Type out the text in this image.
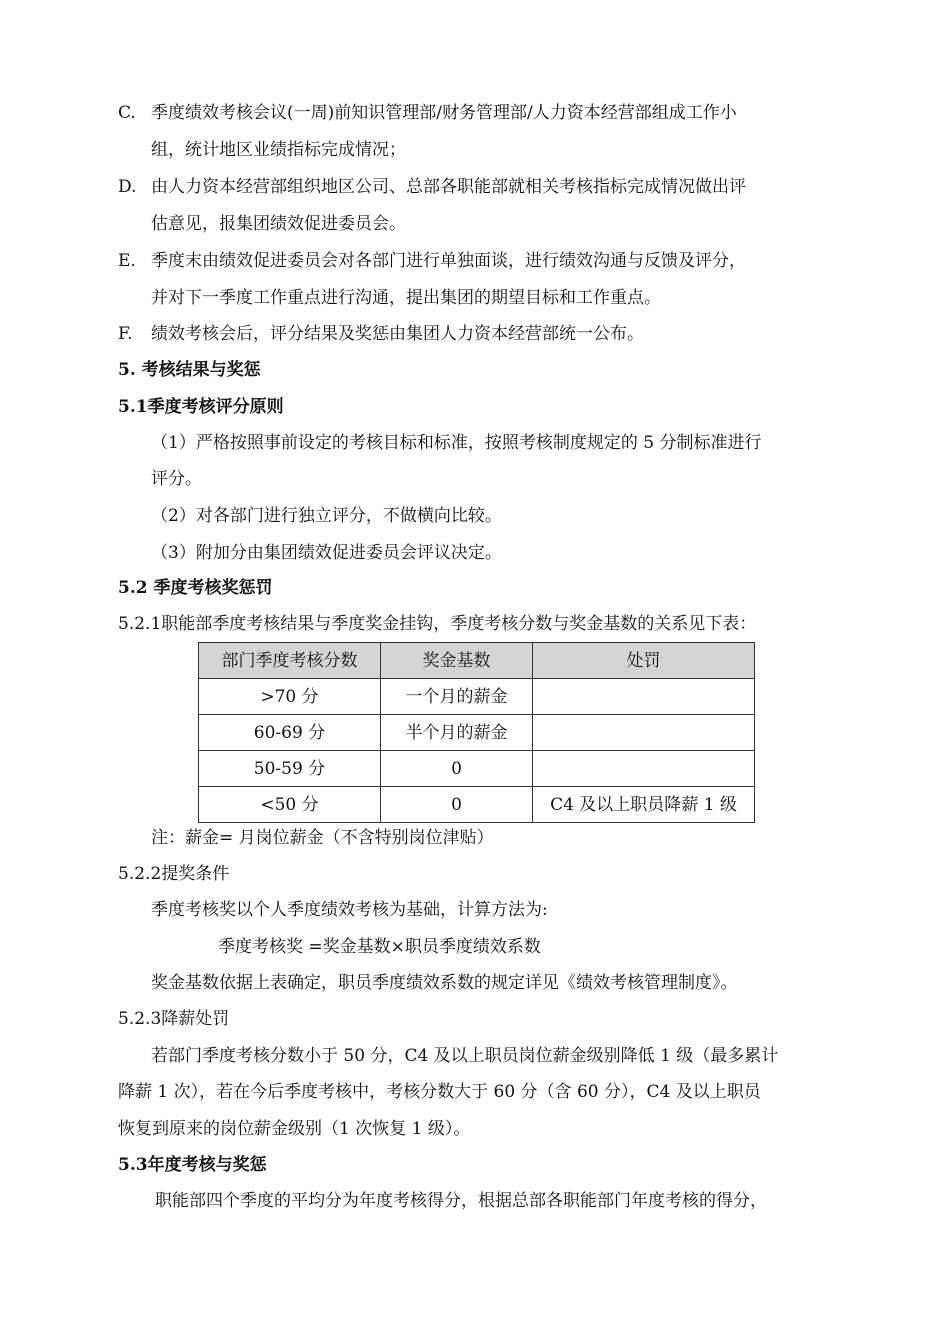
C. 季度绩效考核会议(一周)前知识管理部/财务管理部/人力资本经营部组成工作小
组，统计地区业绩指标完成情况；
D. 由人力资本经营部组织地区公司、总部各职能部就相关考核指标完成情况做出评
估意见，报集团绩效促进委员会。
E. 季度末由绩效促进委员会对各部门进行单独面谈，进行绩效沟通与反馈及评分，
并对下一季度工作重点进行沟通，提出集团的期望目标和工作重点。
F. 绩效考核会后，评分结果及奖惩由集团人力资本经营部统一公布。
5. 考核结果与奖惩
5.1季度考核评分原则
（1）严格按照事前设定的考核目标和标准，按照考核制度规定的 5 分制标准进行
评分。
（2）对各部门进行独立评分，不做横向比较。
（3）附加分由集团绩效促进委员会评议决定。
5.2 季度考核奖惩罚
5.2.1职能部季度考核结果与季度奖金挂钩，季度考核分数与奖金基数的关系见下表：
部门季度考核分数	奖金基数	处罚
>70 分	一个月的薪金	
60-69 分	半个月的薪金	
50-59 分	0	
<50 分	0	C4 及以上职员降薪 1 级
注：薪金= 月岗位薪金（不含特别岗位津贴）
5.2.2提奖条件
季度考核奖以个人季度绩效考核为基础，计算方法为:
季度考核奖 =奖金基数×职员季度绩效系数
奖金基数依据上表确定，职员季度绩效系数的规定详见《绩效考核管理制度》。
5.2.3降薪处罚
若部门季度考核分数小于 50 分，C4 及以上职员岗位薪金级别降低 1 级（最多累计
降薪 1 次），若在今后季度考核中，考核分数大于 60 分（含 60 分），C4 及以上职员
恢复到原来的岗位薪金级别（1 次恢复 1 级）。
5.3年度考核与奖惩
职能部四个季度的平均分为年度考核得分，根据总部各职能部门年度考核的得分，
